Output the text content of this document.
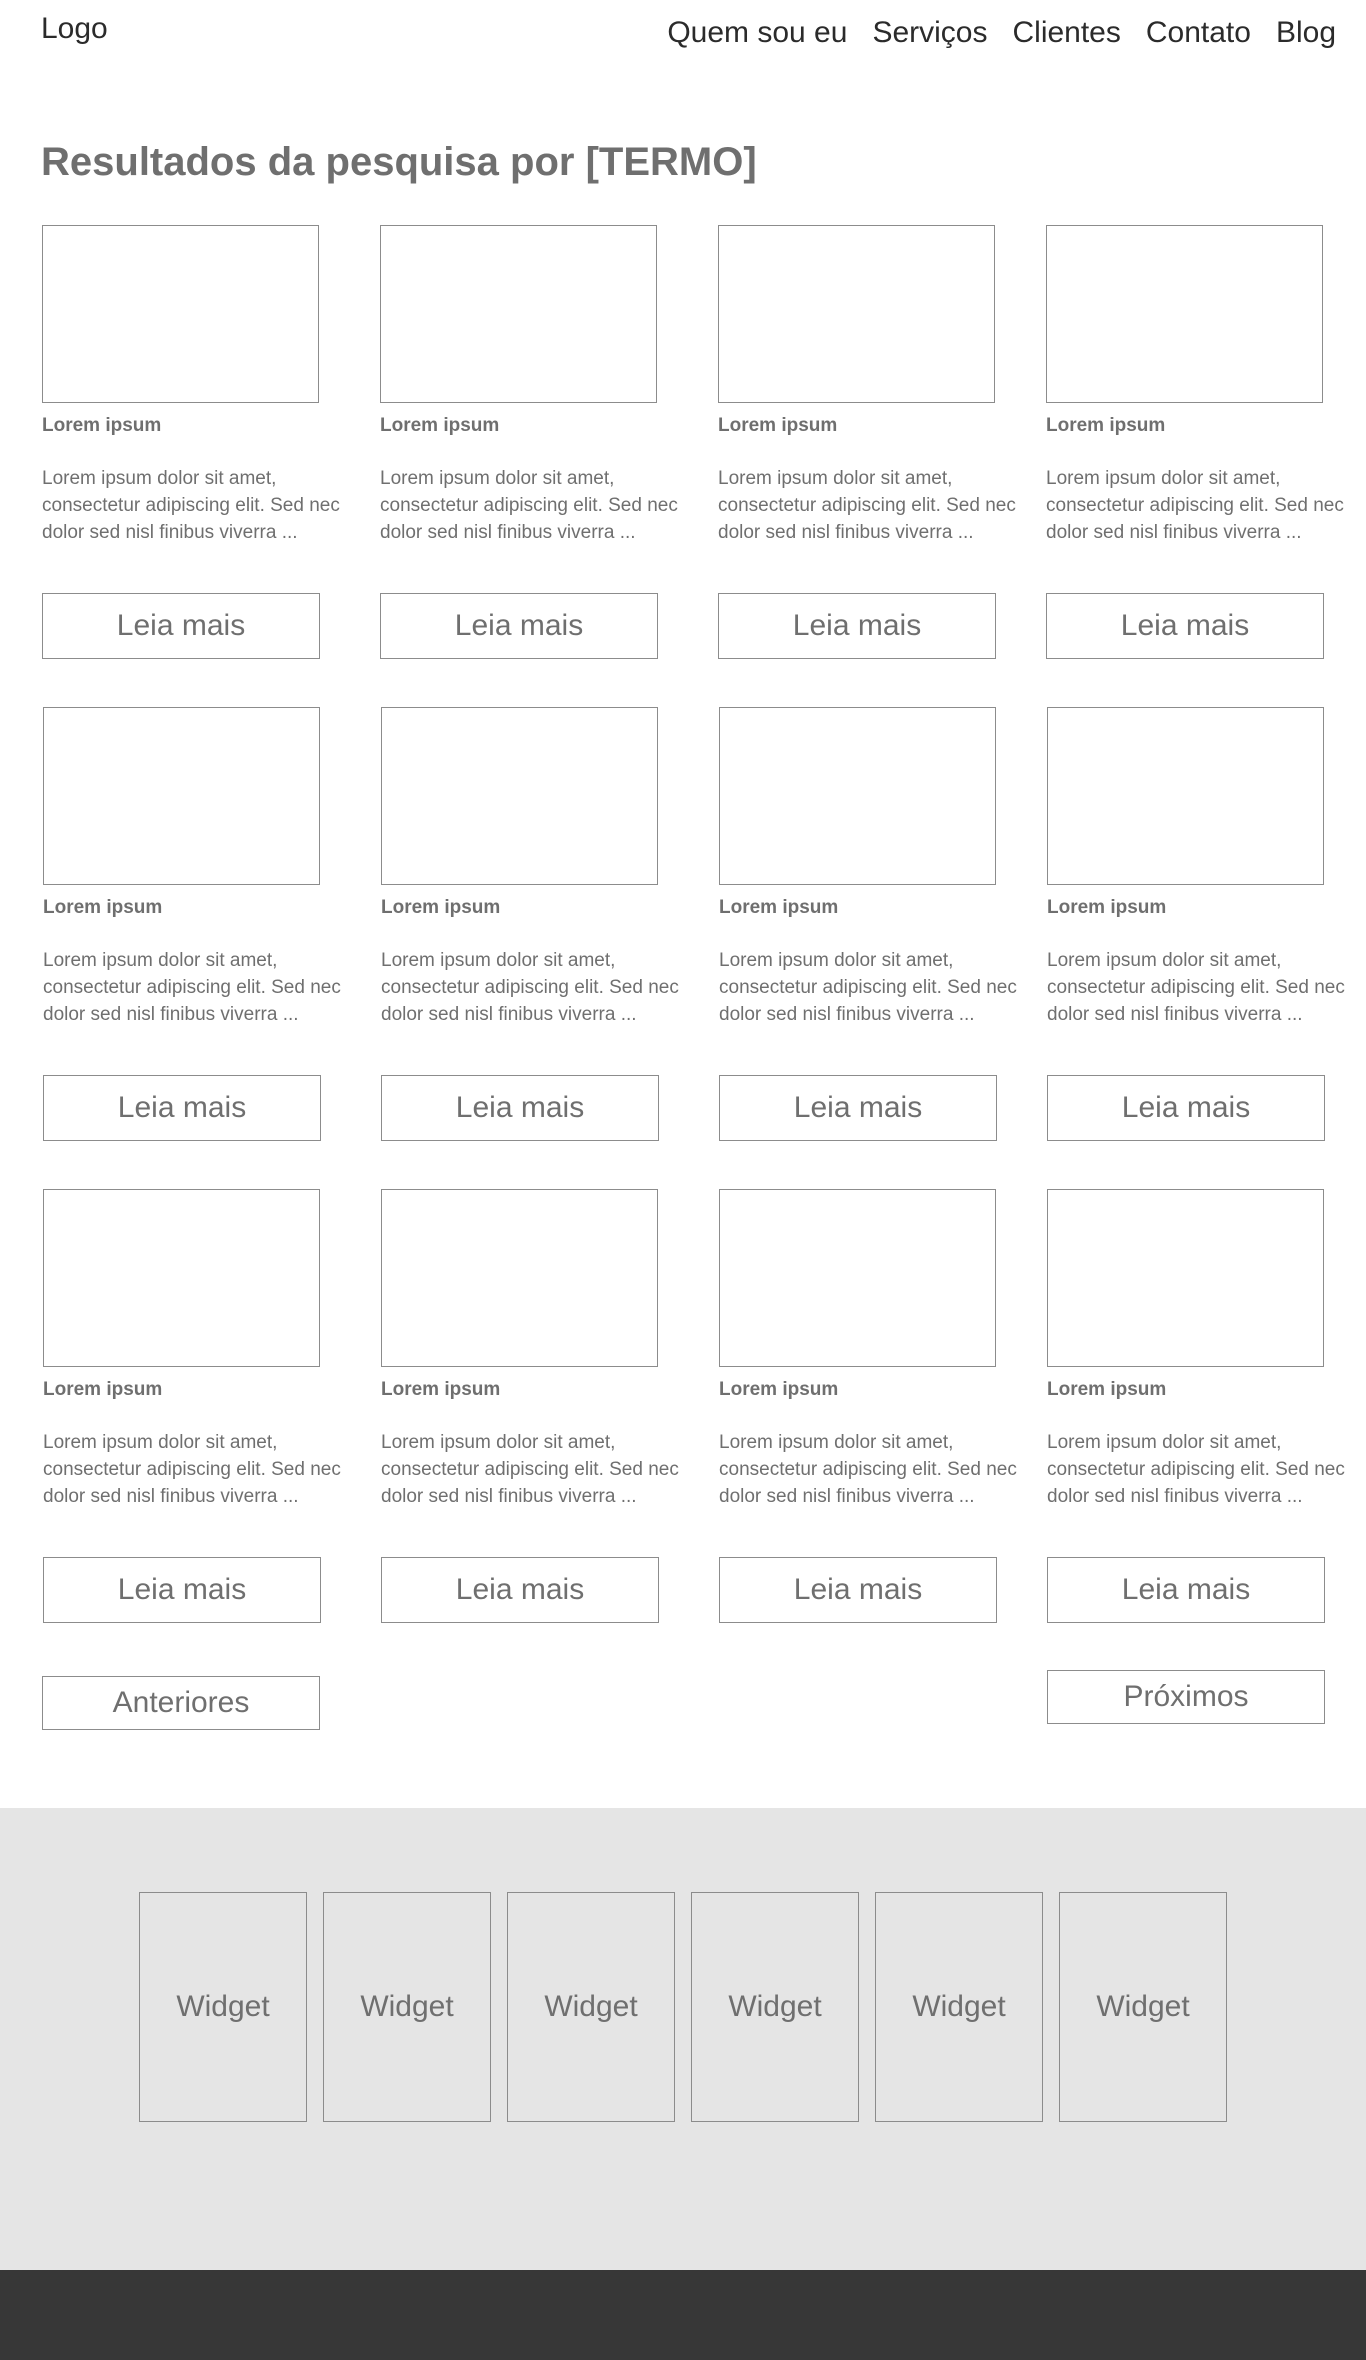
Logo	Quem sou eu Serviços Clientes Contato Blog
Resultados da pesquisa por [TERMO]
Lorem ipsum
Lorem ipsum dolor sit amet, consectetur adipiscing elit. Sed nec dolor sed nisl finibus viverra ...
Leia mais
Lorem ipsum
Lorem ipsum dolor sit amet, consectetur adipiscing elit. Sed nec dolor sed nisl finibus viverra ...
Leia mais
Lorem ipsum
Lorem ipsum dolor sit amet, consectetur adipiscing elit. Sed nec dolor sed nisl finibus viverra ...
Leia mais
Lorem ipsum
Lorem ipsum dolor sit amet, consectetur adipiscing elit. Sed nec dolor sed nisl finibus viverra ...
Leia mais
Lorem ipsum
Lorem ipsum dolor sit amet, consectetur adipiscing elit. Sed nec dolor sed nisl finibus viverra ...
Leia mais
Lorem ipsum
Lorem ipsum dolor sit amet, consectetur adipiscing elit. Sed nec dolor sed nisl finibus viverra ...
Leia mais
Lorem ipsum
Lorem ipsum dolor sit amet, consectetur adipiscing elit. Sed nec dolor sed nisl finibus viverra ...
Leia mais
Lorem ipsum
Lorem ipsum dolor sit amet, consectetur adipiscing elit. Sed nec dolor sed nisl finibus viverra ...
Leia mais
Lorem ipsum
Lorem ipsum dolor sit amet, consectetur adipiscing elit. Sed nec dolor sed nisl finibus viverra ...
Leia mais
Lorem ipsum
Lorem ipsum dolor sit amet, consectetur adipiscing elit. Sed nec dolor sed nisl finibus viverra ...
Leia mais
Lorem ipsum
Lorem ipsum dolor sit amet, consectetur adipiscing elit. Sed nec dolor sed nisl finibus viverra ...
Leia mais
Lorem ipsum
Lorem ipsum dolor sit amet, consectetur adipiscing elit. Sed nec dolor sed nisl finibus viverra ...
Leia mais
Anteriores	Próximos
Widget	Widget	Widget	Widget	Widget	Widget
